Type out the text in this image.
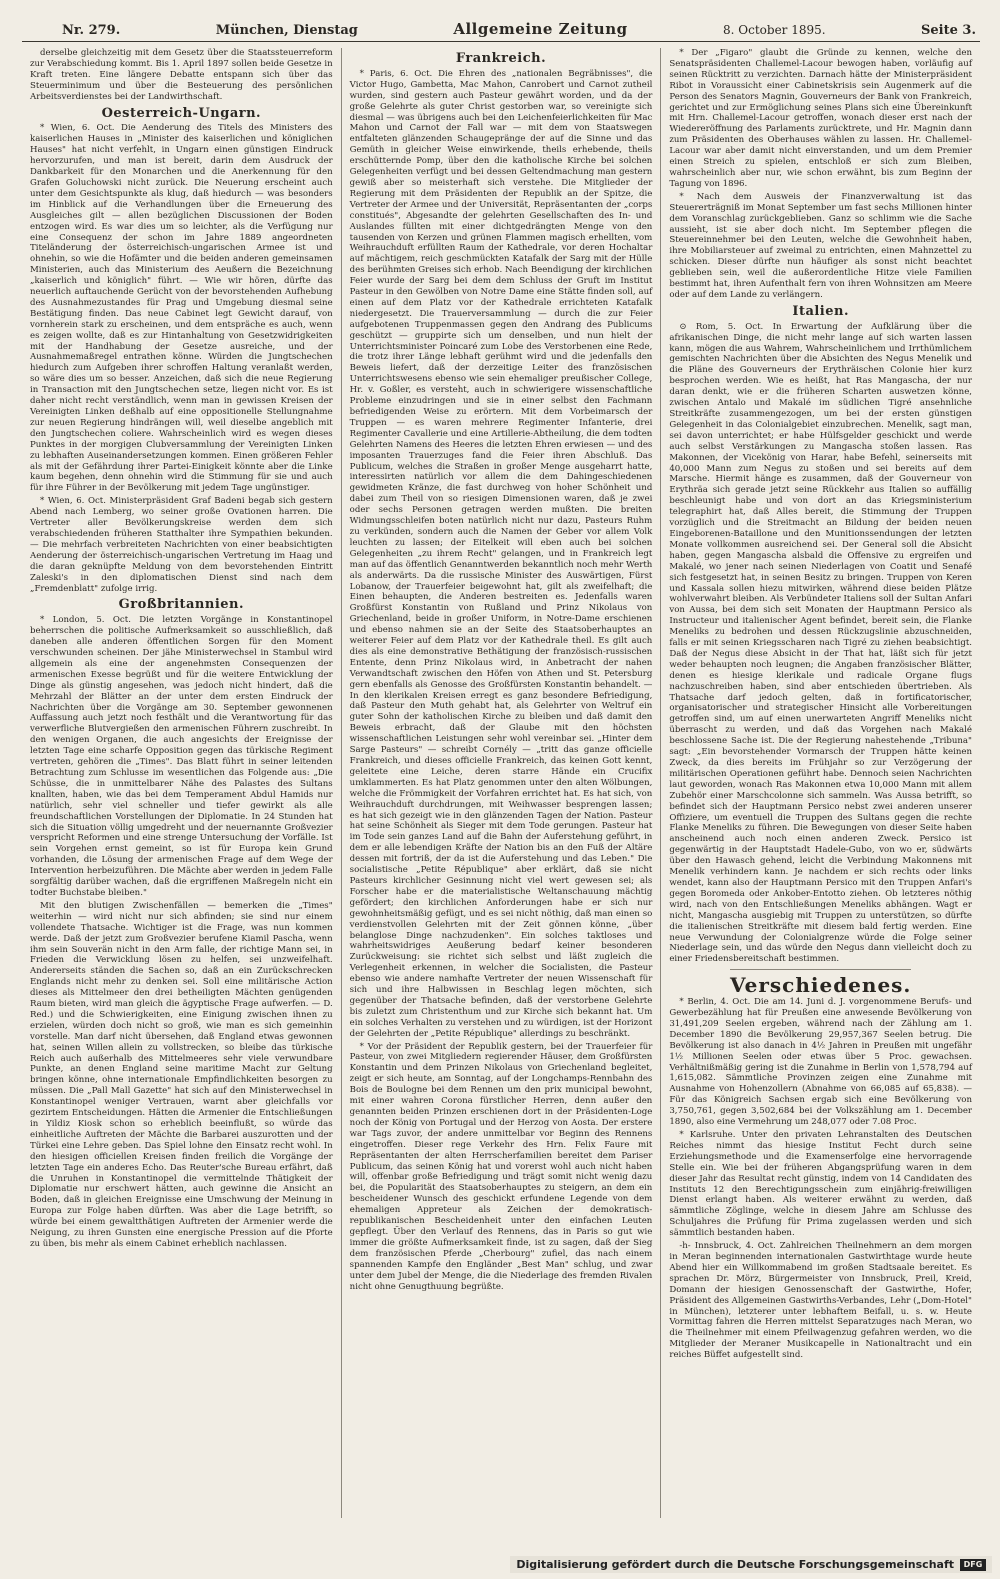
Nr. 279.	München, Dienstag	Allgemeine Zeitung	8. October 1895.	Seite 3.

derselbe gleichzeitig mit dem Gesetz über die Staatssteuerreform zur Verabschiedung kommt. Bis 1. April 1897 sollen beide Gesetze in Kraft treten. Eine längere Debatte entspann sich über das Steuerminimum und über die Besteuerung des persönlichen Arbeitsverdienstes bei der Landwirthschaft.

Oesterreich-Ungarn.

* Wien, 6. Oct. Die Aenderung des Titels des Ministers des kaiserlichen Hauses in „Minister des kaiserlichen und königlichen Hauses" hat nicht verfehlt, in Ungarn einen günstigen Eindruck hervorzurufen, und man ist bereit, darin dem Ausdruck der Dankbarkeit für den Monarchen und die Anerkennung für den Grafen Goluchowski nicht zurück. Die Neuerung erscheint auch unter dem Gesichtspunkte als klug, daß hiedurch — was besonders im Hinblick auf die Verhandlungen über die Erneuerung des Ausgleiches gilt — allen bezüglichen Discussionen der Boden entzogen wird. Es war dies um so leichter, als die Verfügung nur eine Consequenz der schon im Jahre 1889 angeordneten Titeländerung der österreichisch-ungarischen Armee ist und ohnehin, so wie die Hofämter und die beiden anderen gemeinsamen Ministerien, auch das Ministerium des Aeußern die Bezeichnung „kaiserlich und königlich" führt. — Wie wir hören, dürfte das neuerlich auftauchende Gerücht von der bevorstehenden Aufhebung des Ausnahmezustandes für Prag und Umgebung diesmal seine Bestätigung finden. Das neue Cabinet legt Gewicht darauf, von vornherein stark zu erscheinen, und dem entspräche es auch, wenn es zeigen wollte, daß es zur Hintanhaltung von Gesetzwidrigkeiten mit der Handhabung der Gesetze ausreiche, und der Ausnahmemaßregel entrathen könne. Würden die Jungtschechen hiedurch zum Aufgeben ihrer schroffen Haltung veranlaßt werden, so wäre dies um so besser. Anzeichen, daß sich die neue Regierung in Transaction mit den Jungtschechen setze, liegen nicht vor. Es ist daher nicht recht verständlich, wenn man in gewissen Kreisen der Vereinigten Linken deßhalb auf eine oppositionelle Stellungnahme zur neuen Regierung hindrängen will, weil dieselbe angeblich mit den Jungtschechen coliere. Wahrscheinlich wird es wegen dieses Punktes in der morgigen Clubversammlung der Vereinigten Linken zu lebhaften Auseinandersetzungen kommen. Einen größeren Fehler als mit der Gefährdung ihrer Partei-Einigkeit könnte aber die Linke kaum begehen, denn ohnehin wird die Stimmung für sie und auch für ihre Führer in der Bevölkerung mit jedem Tage ungünstiger.

* Wien, 6. Oct. Ministerpräsident Graf Badeni begab sich gestern Abend nach Lemberg, wo seiner große Ovationen harren. Die Vertreter aller Bevölkerungskreise werden dem sich verabschiedenden früheren Statthalter ihre Sympathien bekunden. — Die mehrfach verbreiteten Nachrichten von einer beabsichtigten Aenderung der österreichisch-ungarischen Vertretung im Haag und die daran geknüpfte Meldung von dem bevorstehenden Eintritt Zaleski's in den diplomatischen Dienst sind nach dem „Fremdenblatt" zufolge irrig.

Großbritannien.

* London, 5. Oct. Die letzten Vorgänge in Konstantinopel beherrschen die politische Aufmerksamkeit so ausschließlich, daß daneben alle anderen öffentlichen Sorgen für den Moment verschwunden scheinen. Der jähe Ministerwechsel in Stambul wird allgemein als eine der angenehmsten Consequenzen der armenischen Exesse begrüßt und für die weitere Entwicklung der Dinge als günstig angesehen, was jedoch nicht hindert, daß die Mehrzahl der Blätter an der unter dem ersten Eindruck der Nachrichten über die Vorgänge am 30. September gewonnenen Auffassung auch jetzt noch festhält und die Verantwortung für das verwerfliche Blutvergießen den armenischen Führern zuschreibt. In den wenigen Organen, die auch angesichts der Ereignisse der letzten Tage eine scharfe Opposition gegen das türkische Regiment vertreten, gehören die „Times". Das Blatt führt in seiner leitenden Betrachtung zum Schlusse im wesentlichen das Folgende aus: „Die Schüsse, die in unmittelbarer Nähe des Palastes des Sultans knallten, haben, wie das bei dem Temperament Abdul Hamids nur natürlich, sehr viel schneller und tiefer gewirkt als alle freundschaftlichen Vorstellungen der Diplomatie. In 24 Stunden hat sich die Situation völlig umgedreht und der neuernannte Großvezier verspricht Reformen und eine strenge Untersuchung der Vorfälle. Ist sein Vorgehen ernst gemeint, so ist für Europa kein Grund vorhanden, die Lösung der armenischen Frage auf dem Wege der Intervention herbeizuführen. Die Mächte aber werden in jedem Falle sorgfältig darüber wachen, daß die ergriffenen Maßregeln nicht ein todter Buchstabe bleiben."

Mit den blutigen Zwischenfällen — bemerken die „Times" weiterhin — wird nicht nur sich abfinden; sie sind nur einem vollendete Thatsache. Wichtiger ist die Frage, was nun kommen werde. Daß der jetzt zum Großvezier berufene Kiamil Pascha, wenn ihm sein Souverän nicht in den Arm falle, der richtige Mann sei, in Frieden die Verwicklung lösen zu helfen, sei unzweifelhaft. Andererseits ständen die Sachen so, daß an ein Zurückschrecken Englands nicht mehr zu denken sei. Soll eine militärische Action dieses als Mittelmeer den drei betheiligten Mächten genügenden Raum bieten, wird man gleich die ägyptische Frage aufwerfen. — D. Red.) und die Schwierigkeiten, eine Einigung zwischen ihnen zu erzielen, würden doch nicht so groß, wie man es sich gemeinhin vorstelle. Man darf nicht übersehen, daß England etwas gewonnen hat, seinen Willen allein zu vollstrecken, so bleibe das türkische Reich auch außerhalb des Mittelmeeres sehr viele verwundbare Punkte, an denen England seine maritime Macht zur Geltung bringen könne, ohne internationale Empfindlichkeiten besorgen zu müssen. Die „Pall Mall Gazette" hat sich auf den Ministerwechsel in Konstantinopel weniger Vertrauen, warnt aber gleichfalls vor gezirtem Entscheidungen. Hätten die Armenier die Entschließungen in Yildiz Kiosk schon so erheblich beeinflußt, so würde das einheitliche Auftreten der Mächte die Barbarei auszurotten und der Türkei eine Lehre geben. Das Spiel lohne den Einsatz recht wohl. In den hiesigen officiellen Kreisen finden freilich die Vorgänge der letzten Tage ein anderes Echo. Das Reuter'sche Bureau erfährt, daß die Unruhen in Konstantinopel die vermittelnde Thätigkeit der Diplomatie nur erschwert hätten, auch gewinne die Ansicht an Boden, daß in gleichen Ereignisse eine Umschwung der Meinung in Europa zur Folge haben dürften. Was aber die Lage betrifft, so würde bei einem gewaltthätigen Auftreten der Armenier werde die Neigung, zu ihren Gunsten eine energische Pression auf die Pforte zu üben, bis mehr als einem Cabinet erheblich nachlassen.

Frankreich.

* Paris, 6. Oct. Die Ehren des „nationalen Begräbnisses", die Victor Hugo, Gambetta, Mac Mahon, Canrobert und Carnot zutheil wurden, sind gestern auch Pasteur gewährt worden, und da der große Gelehrte als guter Christ gestorben war, so vereinigte sich diesmal — was übrigens auch bei den Leichenfeierlichkeiten für Mac Mahon und Carnot der Fall war — mit dem von Staatswegen entfalteten glänzenden Schaugepränge der auf die Sinne und das Gemüth in gleicher Weise einwirkende, theils erhebende, theils erschütternde Pomp, über den die katholische Kirche bei solchen Gelegenheiten verfügt und bei dessen Geltendmachung man gestern gewiß aber so meisterhaft sich verstehe. Die Mitglieder der Regierung mit dem Präsidenten der Republik an der Spitze, die Vertreter der Armee und der Universität, Repräsentanten der „corps constitués", Abgesandte der gelehrten Gesellschaften des In- und Auslandes füllten mit einer dichtgedrängten Menge von den tausenden von Kerzen und grünen Flammen magisch erhellten, vom Weihrauchduft erfüllten Raum der Kathedrale, vor deren Hochaltar auf mächtigem, reich geschmückten Katafalk der Sarg mit der Hülle des berühmten Greises sich erhob. Nach Beendigung der kirchlichen Feier wurde der Sarg bei dem dem Schluss der Gruft im Institut Pasteur in den Gewölben von Notre Dame eine Stätte finden soll, auf einen auf dem Platz vor der Kathedrale errichteten Katafalk niedergesetzt. Die Trauerversammlung — durch die zur Feier aufgebotenen Truppenmassen gegen den Andrang des Publicums geschützt — gruppirte sich um denselben, und nun hielt der Unterrichtsminister Poincaré zum Lobe des Verstorbenen eine Rede, die trotz ihrer Länge lebhaft gerühmt wird und die jedenfalls den Beweis liefert, daß der derzeitige Leiter des französischen Unterrichtswesens ebenso wie sein ehemaliger preußischer College, Hr. v. Goßler, es versteht, auch in schwierigere wissenschaftliche Probleme einzudringen und sie in einer selbst den Fachmann befriedigenden Weise zu erörtern. Mit dem Vorbeimarsch der Truppen — es waren mehrere Regimenter Infanterie, drei Regimenter Cavallerie und eine Artillerie-Abtheilung, die dem todten Gelehrten Namens des Heeres die letzten Ehren erwiesen — und des imposanten Trauerzuges fand die Feier ihren Abschluß. Das Publicum, welches die Straßen in großer Menge ausgeharrt hatte, interessirten natürlich vor allem die dem Dahingeschiedenen gewidmeten Kränze, die fast durchweg von hoher Schönheit und dabei zum Theil von so riesigen Dimensionen waren, daß je zwei oder sechs Personen getragen werden mußten. Die breiten Widmungsschleifen boten natürlich nicht nur dazu, Pasteurs Ruhm zu verkünden, sondern auch die Namen der Geber vor allem Volk leuchten zu lassen; der Eitelkeit will eben auch bei solchen Gelegenheiten „zu ihrem Recht" gelangen, und in Frankreich legt man auf das öffentlich Genanntwerden bekanntlich noch mehr Werth als anderwärts. Da die russische Minister des Auswärtigen, Fürst Lobanow, der Trauerfeier beigewohnt hat, gilt als zweifelhaft; die Einen behaupten, die Anderen bestreiten es. Jedenfalls waren Großfürst Konstantin von Rußland und Prinz Nikolaus von Griechenland, beide in großer Uniform, in Notre-Dame erschienen und ebenso nahmen sie an der Seite des Staatsoberhauptes an weiterer Feier auf dem Platz vor der Kathedrale theil. Es gilt auch dies als eine demonstrative Bethätigung der französisch-russischen Entente, denn Prinz Nikolaus wird, in Anbetracht der nahen Verwandtschaft zwischen den Höfen von Athen und St. Petersburg gern ebenfalls als Genosse des Großfürsten Konstantin behandelt. — In den klerikalen Kreisen erregt es ganz besondere Befriedigung, daß Pasteur den Muth gehabt hat, als Gelehrter von Weltruf ein guter Sohn der katholischen Kirche zu bleiben und daß damit den Beweis erbracht, daß der Glaube mit den höchsten wissenschaftlichen Leistungen sehr wohl vereinbar sei. „Hinter dem Sarge Pasteurs" — schreibt Cornély — „tritt das ganze officielle Frankreich, und dieses officielle Frankreich, das keinen Gott kennt, geleitete eine Leiche, deren starre Hände ein Crucifix umklammerten. Es hat Platz genommen unter den alten Wölbungen, welche die Frömmigkeit der Vorfahren errichtet hat. Es hat sich, von Weihrauchduft durchdrungen, mit Weihwasser besprengen lassen; es hat sich gezeigt wie in den glänzenden Tagen der Nation. Pasteur hat seine Schönheit als Sieger mit dem Tode gerungen. Pasteur hat im Tode sein ganzes Land auf die Bahn der Auferstehung geführt, in dem er alle lebendigen Kräfte der Nation bis an den Fuß der Altäre dessen mit fortriß, der da ist die Auferstehung und das Leben." Die socialistische „Petite République" aber erklärt, daß sie nicht Pasteurs kirchlicher Gesinnung nicht viel wert gewesen sei; als Forscher habe er die materialistische Weltanschauung mächtig gefördert; den kirchlichen Anforderungen habe er sich nur gewohnheitsmäßig gefügt, und es sei nicht nöthig, daß man einen so verdienstvollen Gelehrten mit der Zeit gönnen könne, „über belanglose Dinge nachzudenken". Ein solches taktloses und wahrheitswidriges Aeußerung bedarf keiner besonderen Zurückweisung: sie richtet sich selbst und läßt zugleich die Verlegenheit erkennen, in welcher die Socialisten, die Pasteur ebenso wie andere namhafte Vertreter der neuen Wissenschaft für sich und ihre Halbwissen in Beschlag legen möchten, sich gegenüber der Thatsache befinden, daß der verstorbene Gelehrte bis zuletzt zum Christenthum und zur Kirche sich bekannt hat. Um ein solches Verhalten zu verstehen und zu würdigen, ist der Horizont der Gelehrten der „Petite République" allerdings zu beschränkt.

* Vor der Präsident der Republik gestern, bei der Trauerfeier für Pasteur, von zwei Mitgliedern regierender Häuser, dem Großfürsten Konstantin und dem Prinzen Nikolaus von Griechenland begleitet, zeigt er sich heute, am Sonntag, auf der Longchamps-Rennbahn des Bois de Boulogne bei dem Rennen um den prix municipal bewohnt, mit einer wahren Corona fürstlicher Herren, denn außer den genannten beiden Prinzen erschienen dort in der Präsidenten-Loge noch der König von Portugal und der Herzog von Aosta. Der erstere war Tags zuvor, der andere unmittelbar vor Beginn des Rennens eingetroffen. Dieser rege Verkehr des Hrn. Felix Faure mit Repräsentanten der alten Herrscherfamilien bereitet dem Pariser Publicum, das seinen König hat und vorerst wohl auch nicht haben will, offenbar große Befriedigung und trägt somit nicht wenig dazu bei, die Popularität des Staatsoberhauptes zu steigern, an dem ein bescheidener Wunsch des geschickt erfundene Legende von dem ehemaligen Appreteur als Zeichen der demokratisch-republikanischen Bescheidenheit unter den einfachen Leuten gepflegt. Über den Verlauf des Rennens, das in Paris so gut wie immer die größte Aufmerksamkeit finde, ist zu sagen, daß der Sieg dem französischen Pferde „Cherbourg" zufiel, das nach einem spannenden Kampfe den Engländer „Best Man" schlug, und zwar unter dem Jubel der Menge, die die Niederlage des fremden Rivalen nicht ohne Genugthuung begrüßte.

* Der „Figaro" glaubt die Gründe zu kennen, welche den Senatspräsidenten Challemel-Lacour bewogen haben, vorläufig auf seinen Rücktritt zu verzichten. Darnach hätte der Ministerpräsident Ribot in Voraussicht einer Cabinetskrisis sein Augenmerk auf die Person des Senators Magnin, Gouverneurs der Bank von Frankreich, gerichtet und zur Ermöglichung seines Plans sich eine Übereinkunft mit Hrn. Challemel-Lacour getroffen, wonach dieser erst nach der Wiedereröffnung des Parlaments zurücktrete, und Hr. Magnin dann zum Präsidenten des Oberhauses wählen zu lassen. Hr. Challemel-Lacour war aber damit nicht einverstanden, und um dem Premier einen Streich zu spielen, entschloß er sich zum Bleiben, wahrscheinlich aber nur, wie schon erwähnt, bis zum Beginn der Tagung von 1896.

* Nach dem Ausweis der Finanzverwaltung ist das Steuererträgniß im Monat September um fast sechs Millionen hinter dem Voranschlag zurückgeblieben. Ganz so schlimm wie die Sache aussieht, ist sie aber doch nicht. Im September pflegen die Steuereinnehmer bei den Leuten, welche die Gewohnheit haben, ihre Mobiliarsteuer auf zweimal zu entrichten, einen Mahnzettel zu schicken. Dieser dürfte nun häufiger als sonst nicht beachtet geblieben sein, weil die außerordentliche Hitze viele Familien bestimmt hat, ihren Aufenthalt fern von ihren Wohnsitzen am Meere oder auf dem Lande zu verlängern.

Italien.

⊙ Rom, 5. Oct. In Erwartung der Aufklärung über die afrikanischen Dinge, die nicht mehr lange auf sich warten lassen kann, mögen die aus Wahrem, Wahrscheinlichem und Irrthümlichem gemischten Nachrichten über die Absichten des Negus Menelik und die Pläne des Gouverneurs der Erythräischen Colonie hier kurz besprochen werden. Wie es heißt, hat Ras Mangascha, der nur daran denkt, wie er die früheren Scharten auswetzen könne, zwischen Antalo und Makalé im südlichen Tigré ansehnliche Streitkräfte zusammengezogen, um bei der ersten günstigen Gelegenheit in das Colonialgebiet einzubrechen. Menelik, sagt man, sei davon unterrichtet; er habe Hülfsgelder geschickt und werde auch selbst Verstärkungen zu Mangascha stoßen lassen. Ras Makonnen, der Vicekönig von Harar, habe Befehl, seinerseits mit 40,000 Mann zum Negus zu stoßen und sei bereits auf dem Marsche. Hiermit hänge es zusammen, daß der Gouverneur von Erythräa sich gerade jetzt seine Rückkehr aus Italien so auffällig beschleunigt habe und von dort an das Kriegsministerium telegraphirt hat, daß Alles bereit, die Stimmung der Truppen vorzüglich und die Streitmacht an Bildung der beiden neuen Eingeborenen-Bataillone und den Munitionssendungen der letzten Monate vollkommen ausreichend sei. Der General soll die Absicht haben, gegen Mangascha alsbald die Offensive zu ergreifen und Makalé, wo jener nach seinen Niederlagen von Coatit und Senafé sich festgesetzt hat, in seinen Besitz zu bringen. Truppen von Keren und Kassala sollen hiezu mitwirken, während diese beiden Plätze wohlverwahrt bleiben. Als Verbündeter Italiens soll der Sultan Anfari von Aussa, bei dem sich seit Monaten der Hauptmann Persico als Instructeur und italienischer Agent befindet, bereit sein, die Flanke Meneliks zu bedrohen und dessen Rückzugslinie abzuschneiden, falls er mit seinen Kriegsscharen nach Tigré zu ziehen beabsichtigt. Daß der Negus diese Absicht in der That hat, läßt sich für jetzt weder behaupten noch leugnen; die Angaben französischer Blätter, denen es hiesige klerikale und radicale Organe flugs nachzuschreiben haben, sind aber entschieden übertrieben. Als Thatsache darf jedoch gelten, daß in fortificatorischer, organisatorischer und strategischer Hinsicht alle Vorbereitungen getroffen sind, um auf einen unerwarteten Angriff Meneliks nicht überrascht zu werden, und daß das Vorgehen nach Makalé beschlossene Sache ist. Die der Regierung nahestehende „Tribuna" sagt: „Ein bevorstehender Vormarsch der Truppen hätte keinen Zweck, da dies bereits im Frühjahr so zur Verzögerung der militärischen Operationen geführt habe. Dennoch seien Nachrichten laut geworden, wonach Ras Makonnen etwa 10,000 Mann mit allem Zubehör einer Marschcolonne sich sammeln. Was Aussa betrifft, so befindet sich der Hauptmann Persico nebst zwei anderen unserer Offiziere, um eventuell die Truppen des Sultans gegen die rechte Flanke Meneliks zu führen. Die Bewegungen von dieser Seite haben anscheinend auch noch einen anderen Zweck. Persico ist gegenwärtig in der Hauptstadt Hadele-Gubo, von wo er, südwärts über den Hawasch gehend, leicht die Verbindung Makonnens mit Menelik verhindern kann. Je nachdem er sich rechts oder links wendet, kann also der Hauptmann Persico mit den Truppen Anfari's gegen Boromeda oder Ankober-Entotto ziehen. Ob letzteres nöthig wird, nach von den Entschließungen Meneliks abhängen. Wagt er nicht, Mangascha ausgiebig mit Truppen zu unterstützen, so dürfte die italienischen Streitkräfte mit diesem bald fertig werden. Eine neue Verwundung der Colonialgrenze würde die Folge seiner Niederlage sein, und das würde den Negus dann vielleicht doch zu einer Friedensbereitschaft bestimmen.

Verschiedenes.

* Berlin, 4. Oct. Die am 14. Juni d. J. vorgenommene Berufs- und Gewerbezählung hat für Preußen eine anwesende Bevölkerung von 31,491,209 Seelen ergeben, während nach der Zählung am 1. December 1890 die Bevölkerung 29,957,367 Seelen betrug. Die Bevölkerung ist also danach in 4½ Jahren in Preußen mit ungefähr 1½ Millionen Seelen oder etwas über 5 Proc. gewachsen. Verhältnißmäßig gering ist die Zunahme in Berlin von 1,578,794 auf 1,615,082. Sämmtliche Provinzen zeigen eine Zunahme mit Ausnahme von Hohenzollern (Abnahme von 66,085 auf 65,838). — Für das Königreich Sachsen ergab sich eine Bevölkerung von 3,750,761, gegen 3,502,684 bei der Volkszählung am 1. December 1890, also eine Vermehrung um 248,077 oder 7.08 Proc.

* Karlsruhe. Unter den privaten Lehranstalten des Deutschen Reiches nimmt das hiesige Institut Fecht durch seine Erziehungsmethode und die Examenserfolge eine hervorragende Stelle ein. Wie bei der früheren Abgangsprüfung waren in dem dieser Jahr das Resultat recht günstig, indem von 14 Candidaten des Instituts 12 den Berechtigungsschein zum einjährig-freiwilligen Dienst erlangt haben. Als weiterer erwähnt zu werden, daß sämmtliche Zöglinge, welche in diesem Jahre am Schlusse des Schuljahres die Prüfung für Prima zugelassen werden und sich sämmtlich bestanden haben.

-h- Innsbruck, 4. Oct. Zahlreichen Theilnehmern an dem morgen in Meran beginnenden internationalen Gastwirthtage wurde heute Abend hier ein Willkommabend im großen Stadtsaale bereitet. Es sprachen Dr. Mörz, Bürgermeister von Innsbruck, Preil, Kreid, Domann der hiesigen Genossenschaft der Gastwirthe, Hofer, Präsident des Allgemeinen Gastwirths-Verbandes, Lehr („Dom-Hotel" in München), letzterer unter lebhaftem Beifall, u. s. w. Heute Vormittag fahren die Herren mittelst Separatzuges nach Meran, wo die Theilnehmer mit einem Pfeilwagenzug gefahren werden, wo die Mitglieder der Meraner Musikcapelle in Nationaltracht und ein reiches Büffet aufgestellt sind.

Digitalisierung gefördert durch die Deutsche Forschungsgemeinschaft	DFG
